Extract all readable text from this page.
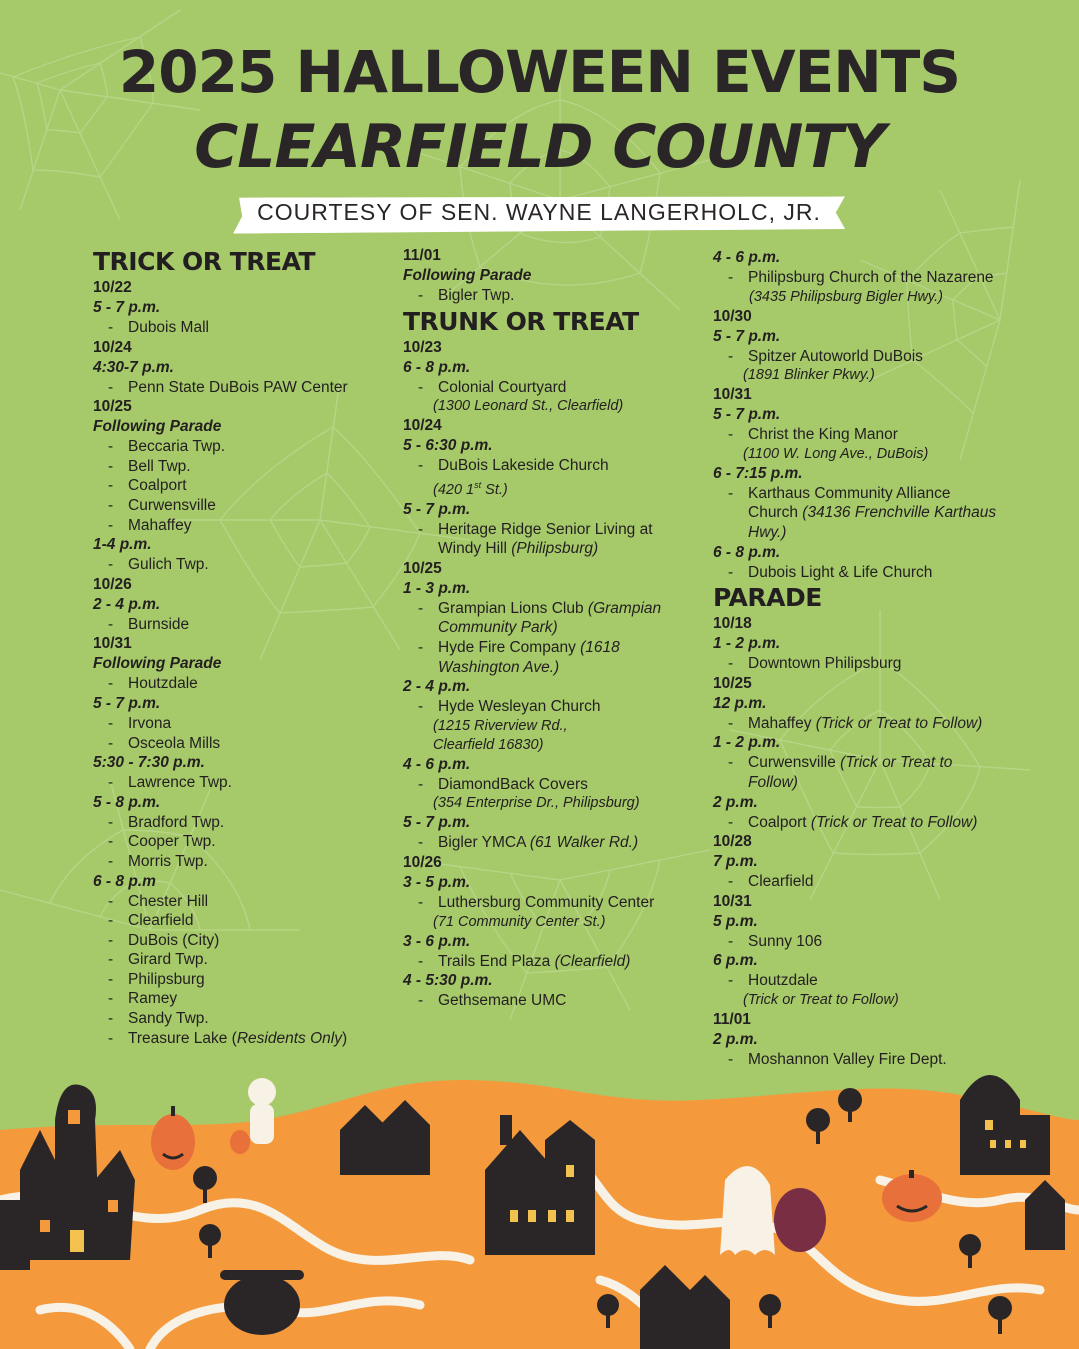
2025 HALLOWEEN EVENTS
CLEARFIELD COUNTY
COURTESY OF SEN. WAYNE LANGERHOLC, JR.
TRICK OR TREAT
10/22
5 - 7 p.m.
- Dubois Mall
10/24
4:30-7 p.m.
- Penn State DuBois PAW Center
10/25
Following Parade
- Beccaria Twp.
- Bell Twp.
- Coalport
- Curwensville
- Mahaffey
1-4 p.m.
- Gulich Twp.
10/26
2 - 4 p.m.
- Burnside
10/31
Following Parade
- Houtzdale
5 - 7 p.m.
- Irvona
- Osceola Mills
5:30 - 7:30 p.m.
- Lawrence Twp.
5 - 8 p.m.
- Bradford Twp.
- Cooper Twp.
- Morris Twp.
6 - 8 p.m
- Chester Hill
- Clearfield
- DuBois (City)
- Girard Twp.
- Philipsburg
- Ramey
- Sandy Twp.
- Treasure Lake (Residents Only)
11/01
Following Parade
- Bigler Twp.
TRUNK OR TREAT
10/23
6 - 8 p.m.
- Colonial Courtyard
(1300 Leonard St., Clearfield)
10/24
5 - 6:30 p.m.
- DuBois Lakeside Church
(420 1st St.)
5 - 7 p.m.
- Heritage Ridge Senior Living at
Windy Hill (Philipsburg)
10/25
1 - 3 p.m.
- Grampian Lions Club (Grampian
Community Park)
- Hyde Fire Company (1618
Washington Ave.)
2 - 4 p.m.
- Hyde Wesleyan Church
(1215 Riverview Rd.,
Clearfield 16830)
4 - 6 p.m.
- DiamondBack Covers
(354 Enterprise Dr., Philipsburg)
5 - 7 p.m.
- Bigler YMCA (61 Walker Rd.)
10/26
3 - 5 p.m.
- Luthersburg Community Center
(71 Community Center St.)
3 - 6 p.m.
- Trails End Plaza (Clearfield)
4 - 5:30 p.m.
- Gethsemane UMC
4 - 6 p.m.
- Philipsburg Church of the Nazarene
(3435 Philipsburg Bigler Hwy.)
10/30
5 - 7 p.m.
- Spitzer Autoworld DuBois
(1891 Blinker Pkwy.)
10/31
5 - 7 p.m.
- Christ the King Manor
(1100 W. Long Ave., DuBois)
6 - 7:15 p.m.
- Karthaus Community Alliance
Church (34136 Frenchville Karthaus
Hwy.)
6 - 8 p.m.
- Dubois Light & Life Church
PARADE
10/18
1 - 2 p.m.
- Downtown Philipsburg
10/25
12 p.m.
- Mahaffey (Trick or Treat to Follow)
1 - 2 p.m.
- Curwensville (Trick or Treat to
Follow)
2 p.m.
- Coalport (Trick or Treat to Follow)
10/28
7 p.m.
- Clearfield
10/31
5 p.m.
- Sunny 106
6 p.m.
- Houtzdale
(Trick or Treat to Follow)
11/01
2 p.m.
- Moshannon Valley Fire Dept.
